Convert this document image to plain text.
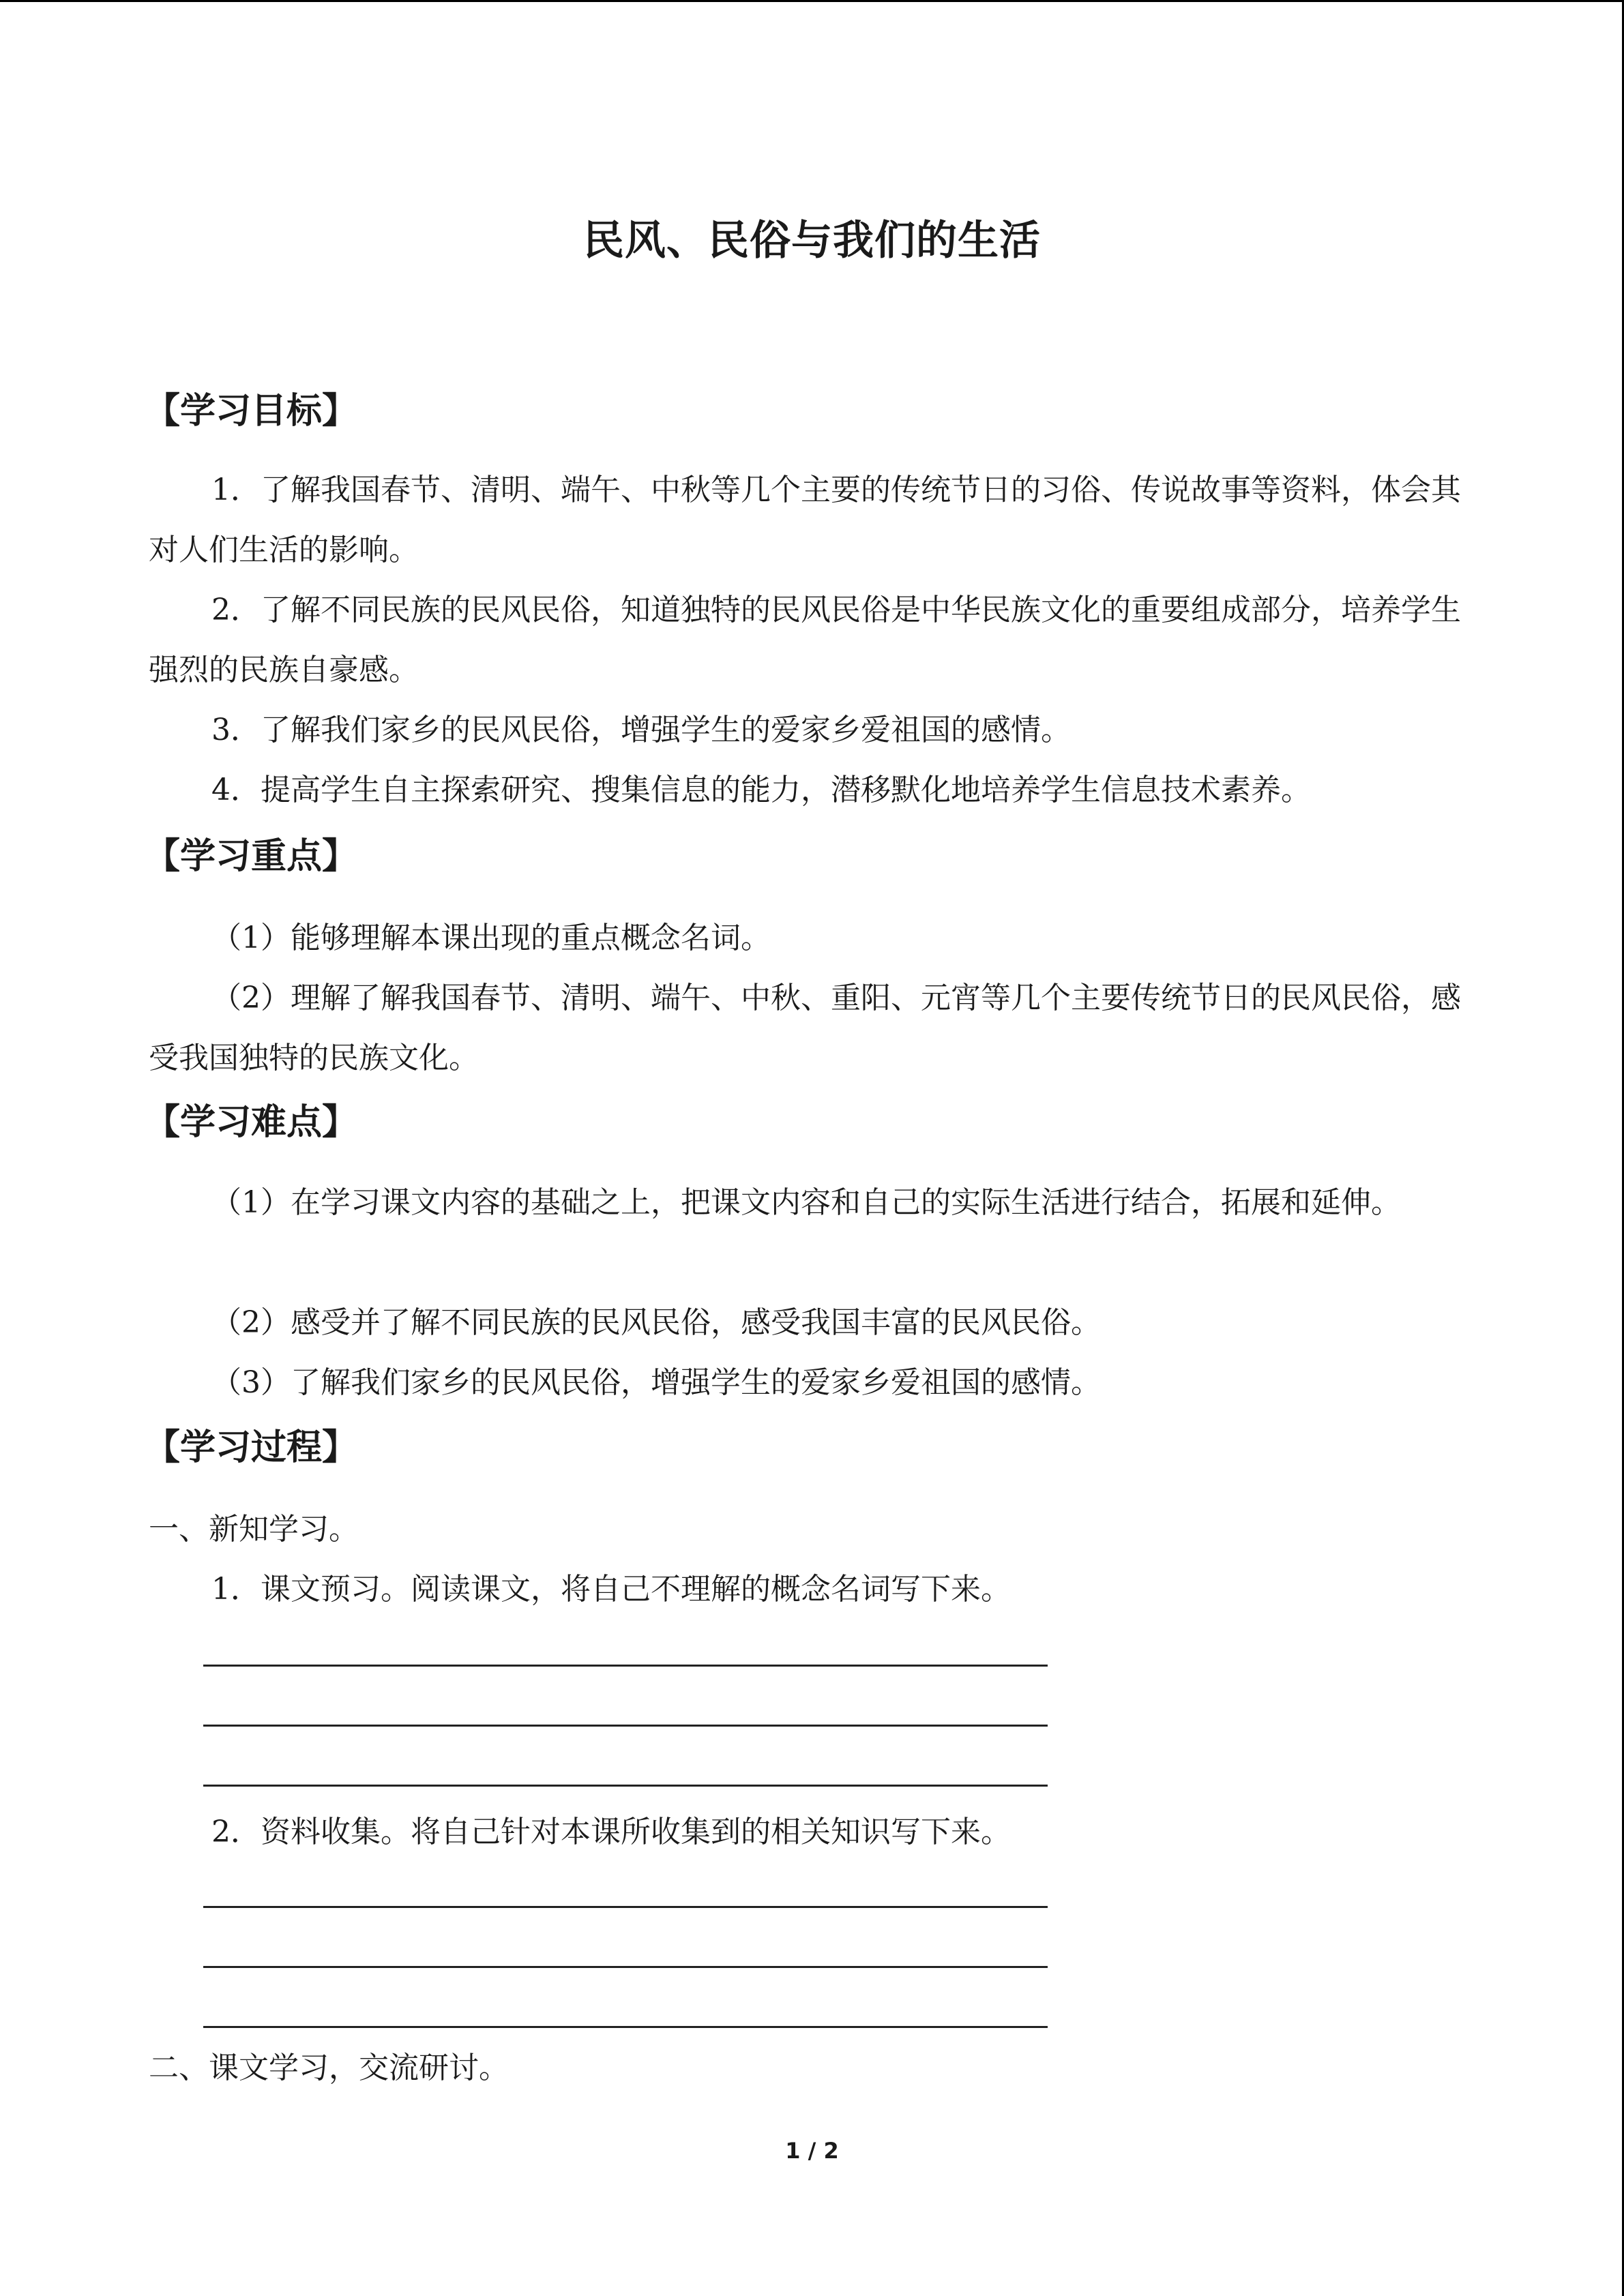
民风、民俗与我们的生活
【学习目标】
1．了解我国春节、清明、端午、中秋等几个主要的传统节日的习俗、传说故事等资料，体会其对人们生活的影响。
2．了解不同民族的民风民俗，知道独特的民风民俗是中华民族文化的重要组成部分，培养学生强烈的民族自豪感。
3．了解我们家乡的民风民俗，增强学生的爱家乡爱祖国的感情。
4．提高学生自主探索研究、搜集信息的能力，潜移默化地培养学生信息技术素养。
【学习重点】
（1）能够理解本课出现的重点概念名词。
（2）理解了解我国春节、清明、端午、中秋、重阳、元宵等几个主要传统节日的民风民俗，感受我国独特的民族文化。
【学习难点】
（1）在学习课文内容的基础之上，把课文内容和自己的实际生活进行结合，拓展和延伸。
（2）感受并了解不同民族的民风民俗，感受我国丰富的民风民俗。
（3）了解我们家乡的民风民俗，增强学生的爱家乡爱祖国的感情。
【学习过程】
一、新知学习。
1．课文预习。阅读课文，将自己不理解的概念名词写下来。
2．资料收集。将自己针对本课所收集到的相关知识写下来。
二、课文学习，交流研讨。
1 / 2
